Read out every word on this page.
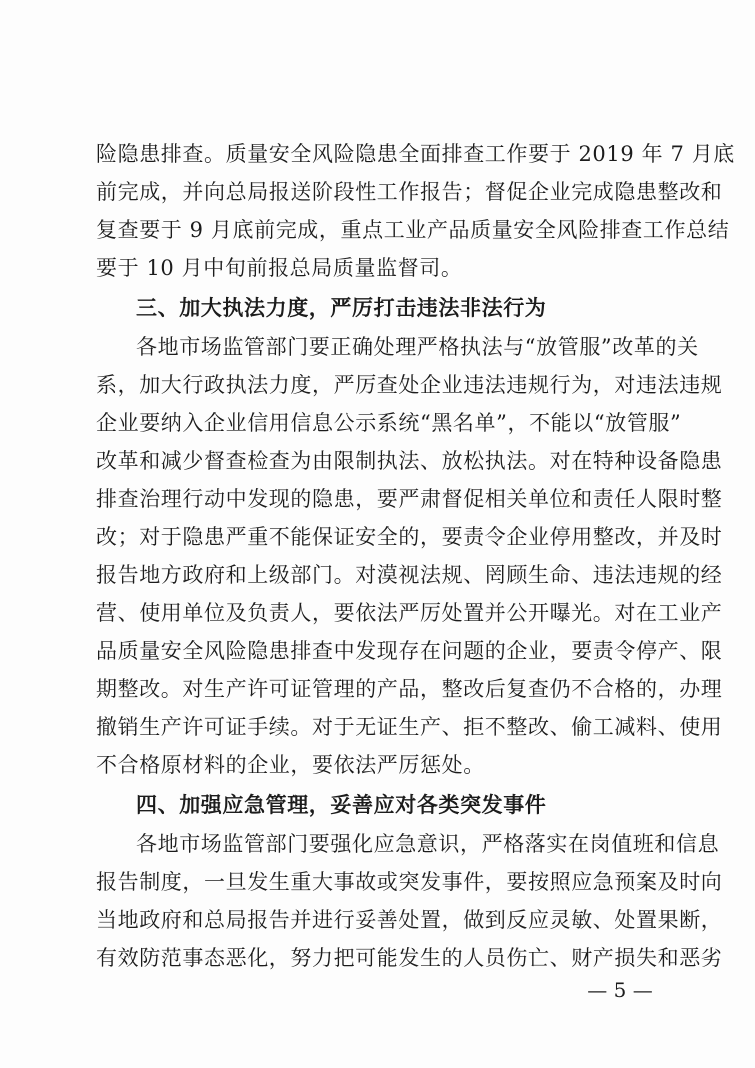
险隐患排查。质量安全风险隐患全面排查工作要于 2019 年 7 月底
前完成，并向总局报送阶段性工作报告；督促企业完成隐患整改和
复查要于 9 月底前完成，重点工业产品质量安全风险排查工作总结
要于 10 月中旬前报总局质量监督司。
三、加大执法力度，严厉打击违法非法行为
各地市场监管部门要正确处理严格执法与“放管服”改革的关
系，加大行政执法力度，严厉查处企业违法违规行为，对违法违规
企业要纳入企业信用信息公示系统“黑名单”，不能以“放管服”
改革和减少督查检查为由限制执法、放松执法。对在特种设备隐患
排查治理行动中发现的隐患，要严肃督促相关单位和责任人限时整
改；对于隐患严重不能保证安全的，要责令企业停用整改，并及时
报告地方政府和上级部门。对漠视法规、罔顾生命、违法违规的经
营、使用单位及负责人，要依法严厉处置并公开曝光。对在工业产
品质量安全风险隐患排查中发现存在问题的企业，要责令停产、限
期整改。对生产许可证管理的产品，整改后复查仍不合格的，办理
撤销生产许可证手续。对于无证生产、拒不整改、偷工减料、使用
不合格原材料的企业，要依法严厉惩处。
四、加强应急管理，妥善应对各类突发事件
各地市场监管部门要强化应急意识，严格落实在岗值班和信息
报告制度，一旦发生重大事故或突发事件，要按照应急预案及时向
当地政府和总局报告并进行妥善处置，做到反应灵敏、处置果断，
有效防范事态恶化，努力把可能发生的人员伤亡、财产损失和恶劣
— 5 —
